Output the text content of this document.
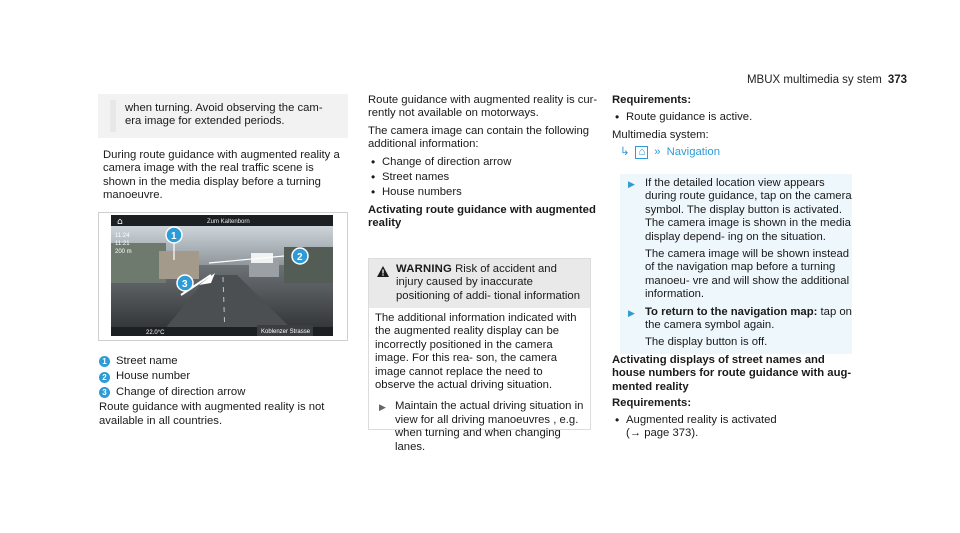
MBUX multimedia sy stem 373

when turning. Avoid observing the cam‐ era image for extended periods.

During route guidance with augmented reality a camera image with the real traffic scene is shown in the media display before a turning manoeuvre.

⌂	Zum Kaltenborn
11:24
11:21
200 m
22.0°C	Koblenzer Strasse
1
2
3
1 Street name
2 House number
3 Change of direction arrow

Route guidance with augmented reality is not available in all countries.

Route guidance with augmented reality is cur‐ rently not available on motorways.

The camera image can contain the following additional information:

• Change of direction arrow
• Street names
• House numbers

Activating route guidance with augmented reality

WARNING Risk of accident and injury caused by inaccurate positioning of addi‐ tional information

The additional information indicated with the augmented reality display can be incorrectly positioned in the camera image. For this rea‐ son, the camera image cannot replace the need to observe the actual driving situation.

▶ Maintain the actual driving situation in view for all driving manoeuvres , e.g. when turning and when changing lanes.

Requirements:

• Route guidance is active.

Multimedia system:

↳ ⌂ » Navigation
▶ If the detailed location view appears during route guidance, tap on the camera symbol. The display button is activated. The camera image is shown in the media display depend‐ ing on the situation.

The camera image will be shown instead of the navigation map before a turning manoeu‐ vre and will show the additional information.

▶ To return to the navigation map: tap on the camera symbol again.

The display button is off.

Activating displays of street names and house numbers for route guidance with aug‐ mented reality

Requirements:

• Augmented reality is activated
(→ page 373).
